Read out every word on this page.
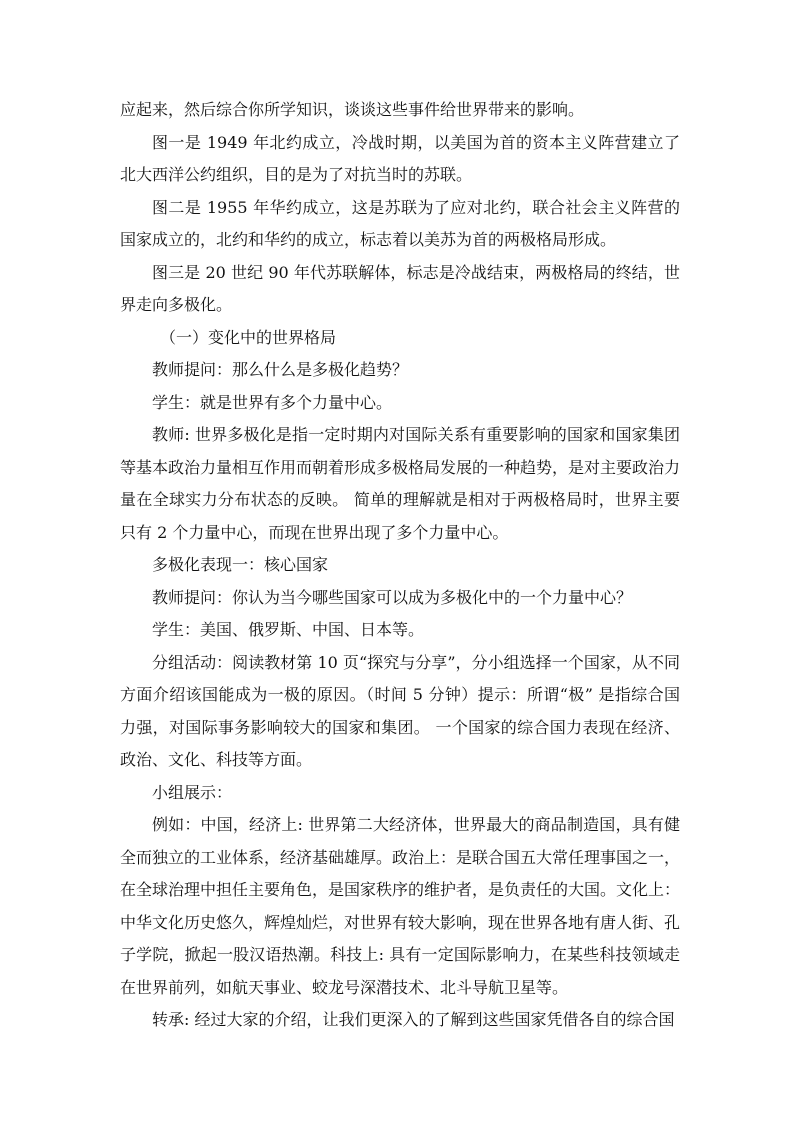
应起来，然后综合你所学知识，谈谈这些事件给世界带来的影响。

图一是 1949 年北约成立，冷战时期，以美国为首的资本主义阵营建立了北大西洋公约组织，目的是为了对抗当时的苏联。

图二是 1955 年华约成立，这是苏联为了应对北约，联合社会主义阵营的国家成立的，北约和华约的成立，标志着以美苏为首的两极格局形成。

图三是 20 世纪 90 年代苏联解体，标志是冷战结束，两极格局的终结，世界走向多极化。

（一）变化中的世界格局

教师提问：那么什么是多极化趋势？

学生：就是世界有多个力量中心。

教师: 世界多极化是指一定时期内对国际关系有重要影响的国家和国家集团等基本政治力量相互作用而朝着形成多极格局发展的一种趋势，是对主要政治力量在全球实力分布状态的反映。 简单的理解就是相对于两极格局时，世界主要只有 2 个力量中心，而现在世界出现了多个力量中心。

多极化表现一：核心国家

教师提问：你认为当今哪些国家可以成为多极化中的一个力量中心？

学生：美国、俄罗斯、中国、日本等。

分组活动：阅读教材第 10 页“探究与分享”，分小组选择一个国家，从不同方面介绍该国能成为一极的原因。（时间 5 分钟）提示：所谓“极” 是指综合国力强，对国际事务影响较大的国家和集团。 一个国家的综合国力表现在经济、政治、文化、科技等方面。

小组展示：

例如：中国，经济上: 世界第二大经济体，世界最大的商品制造国，具有健全而独立的工业体系，经济基础雄厚。政治上：是联合国五大常任理事国之一，在全球治理中担任主要角色，是国家秩序的维护者，是负责任的大国。文化上：中华文化历史悠久，辉煌灿烂，对世界有较大影响，现在世界各地有唐人街、孔子学院，掀起一股汉语热潮。科技上: 具有一定国际影响力，在某些科技领域走在世界前列，如航天事业、蛟龙号深潜技术、北斗导航卫星等。

转承: 经过大家的介绍，让我们更深入的了解到这些国家凭借各自的综合国
